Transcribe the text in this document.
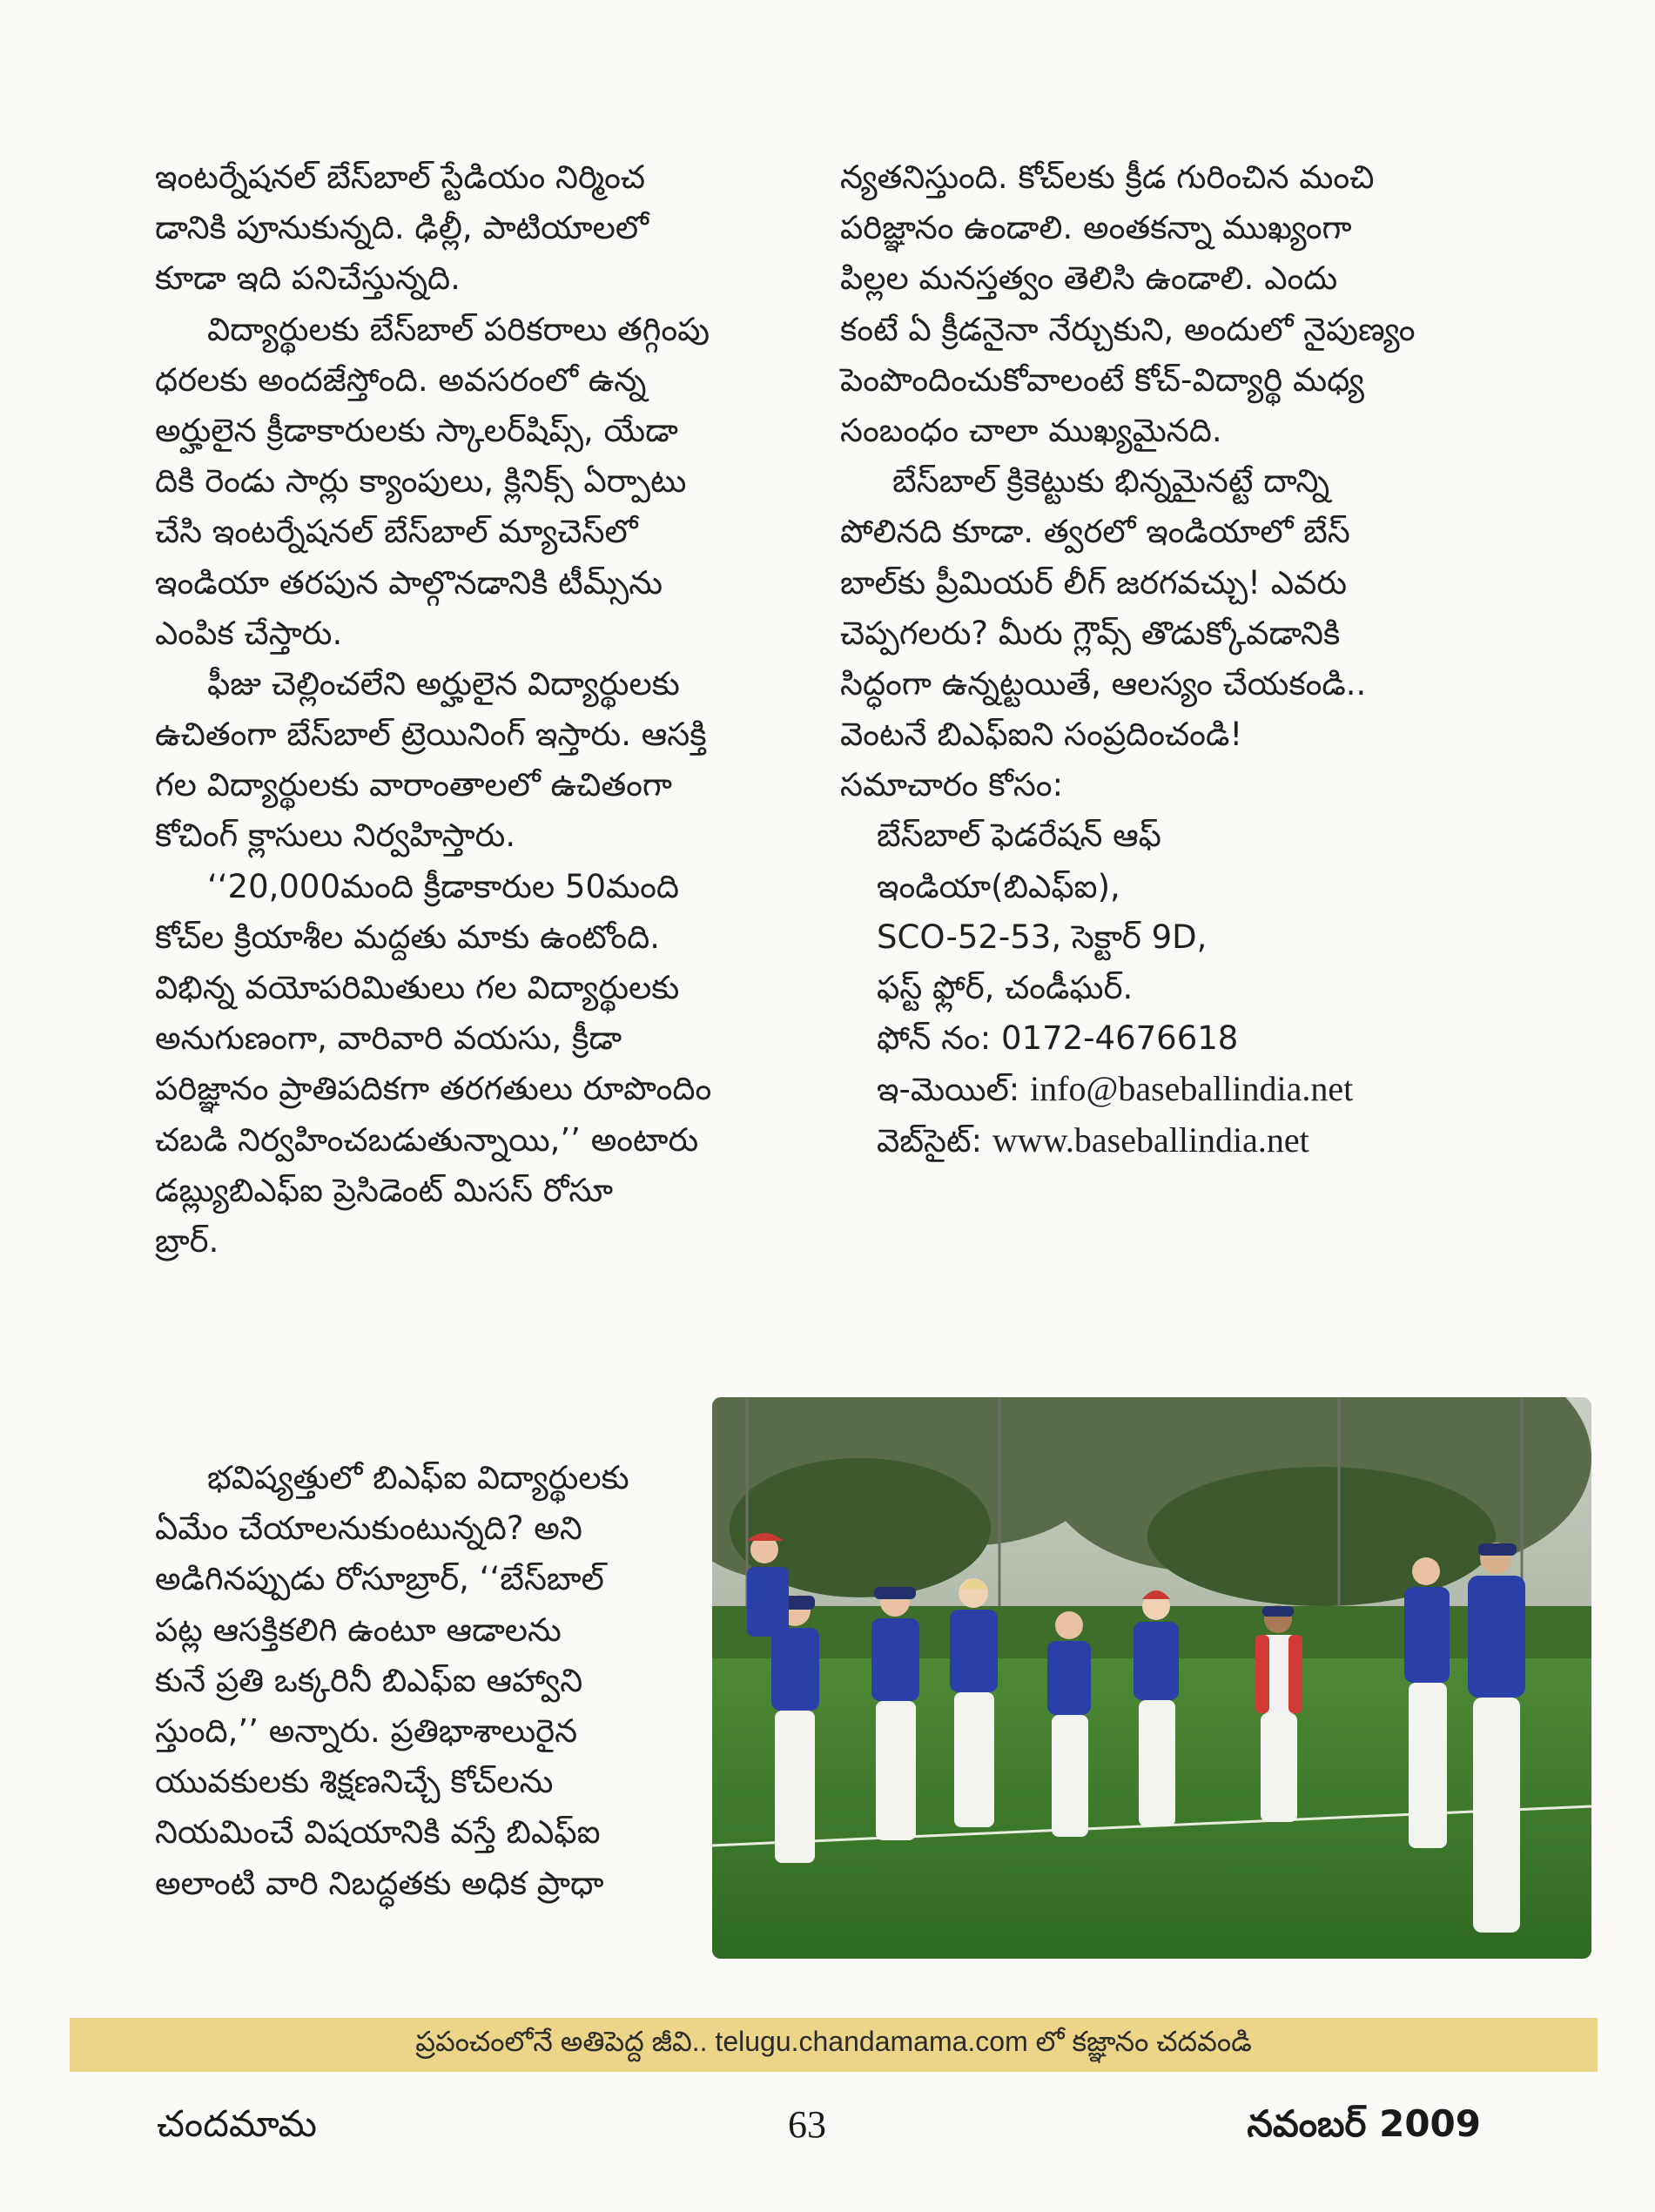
ఇంటర్నేషనల్ బేస్‌బాల్ స్టేడియం నిర్మించ
డానికి పూనుకున్నది. ఢిల్లీ, పాటియాలలో
కూడా ఇది పనిచేస్తున్నది.

విద్యార్థులకు బేస్‌బాల్ పరికరాలు తగ్గింపు
ధరలకు అందజేస్తోంది. అవసరంలో ఉన్న
అర్హులైన క్రీడాకారులకు స్కాలర్‌షిప్స్, యేడా
దికి రెండు సార్లు క్యాంపులు, క్లినిక్స్ ఏర్పాటు
చేసి ఇంటర్నేషనల్ బేస్‌బాల్ మ్యాచెస్‌లో
ఇండియా తరపున పాల్గొనడానికి టీమ్స్‌ను
ఎంపిక చేస్తారు.

ఫీజు చెల్లించలేని అర్హులైన విద్యార్థులకు
ఉచితంగా బేస్‌బాల్ ట్రెయినింగ్ ఇస్తారు. ఆసక్తి
గల విద్యార్థులకు వారాంతాలలో ఉచితంగా
కోచింగ్ క్లాసులు నిర్వహిస్తారు.

‘‘20,000మంది క్రీడాకారుల 50మంది
కోచ్‌ల క్రియాశీల మద్దతు మాకు ఉంటోంది.
విభిన్న వయోపరిమితులు గల విద్యార్థులకు
అనుగుణంగా, వారివారి వయసు, క్రీడా
పరిజ్ఞానం ప్రాతిపదికగా తరగతులు రూపొందిం
చబడి నిర్వహించబడుతున్నాయి,’’ అంటారు
డబ్ల్యుబిఎఫ్‌ఐ ప్రెసిడెంట్ మిసస్ రోసూ
బ్రార్.

భవిష్యత్తులో బిఎఫ్‌ఐ విద్యార్థులకు
ఏమేం చేయాలనుకుంటున్నది? అని
అడిగినప్పుడు రోసూబ్రార్, ‘‘బేస్‌బాల్
పట్ల ఆసక్తికలిగి ఉంటూ ఆడాలను
కునే ప్రతి ఒక్కరినీ బిఎఫ్‌ఐ ఆహ్వాని
స్తుంది,’’ అన్నారు. ప్రతిభాశాలురైన
యువకులకు శిక్షణనిచ్చే కోచ్‌లను
నియమించే విషయానికి వస్తే బిఎఫ్‌ఐ
అలాంటి వారి నిబద్ధతకు అధిక ప్రాధా

న్యతనిస్తుంది. కోచ్‌లకు క్రీడ గురించిన మంచి
పరిజ్ఞానం ఉండాలి. అంతకన్నా ముఖ్యంగా
పిల్లల మనస్తత్వం తెలిసి ఉండాలి. ఎందు
కంటే ఏ క్రీడనైనా నేర్చుకుని, అందులో నైపుణ్యం
పెంపొందించుకోవాలంటే కోచ్-విద్యార్థి మధ్య
సంబంధం చాలా ముఖ్యమైనది.

బేస్‌బాల్ క్రికెట్టుకు భిన్నమైనట్టే దాన్ని
పోలినది కూడా. త్వరలో ఇండియాలో బేస్
బాల్‌కు ప్రీమియర్ లీగ్ జరగవచ్చు! ఎవరు
చెప్పగలరు? మీరు గ్లౌవ్స్ తొడుక్కోవడానికి
సిద్ధంగా ఉన్నట్టయితే, ఆలస్యం చేయకండి..
వెంటనే బిఎఫ్‌ఐని సంప్రదించండి!

సమాచారం కోసం:
బేస్‌బాల్ ఫెడరేషన్ ఆఫ్
ఇండియా(బిఎఫ్‌ఐ),
SCO-52-53, సెక్టార్ 9D,
ఫస్ట్ ఫ్లోర్, చండీఘర్.
ఫోన్ నం: 0172-4676618
ఇ-మెయిల్: info@baseballindia.net
వెబ్‌సైట్: www.baseballindia.net
ప్రపంచంలోనే అతిపెద్ద జీవి.. telugu.chandamama.com లో కజ్ఞానం చదవండి
చందమామ	63	నవంబర్ 2009
